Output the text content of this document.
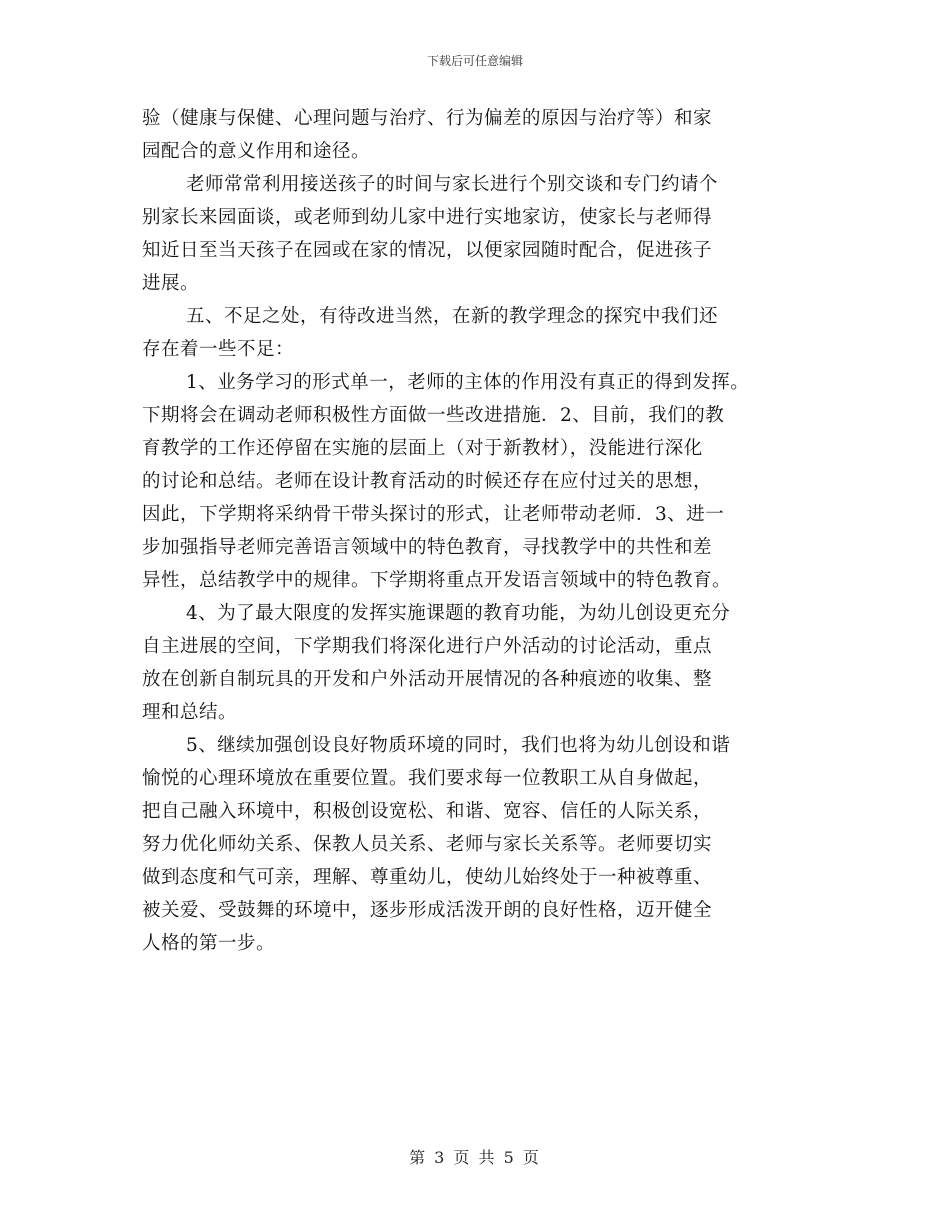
下载后可任意编辑
验（健康与保健、心理问题与治疗、行为偏差的原因与治疗等）和家
园配合的意义作用和途径。
老师常常利用接送孩子的时间与家长进行个别交谈和专门约请个
别家长来园面谈，或老师到幼儿家中进行实地家访，使家长与老师得
知近日至当天孩子在园或在家的情况，以便家园随时配合，促进孩子
进展。
五、不足之处，有待改进当然，在新的教学理念的探究中我们还
存在着一些不足：
1、业务学习的形式单一，老师的主体的作用没有真正的得到发挥。
下期将会在调动老师积极性方面做一些改进措施．2、目前，我们的教
育教学的工作还停留在实施的层面上（对于新教材），没能进行深化
的讨论和总结。老师在设计教育活动的时候还存在应付过关的思想，
因此，下学期将采纳骨干带头探讨的形式，让老师带动老师．3、进一
步加强指导老师完善语言领域中的特色教育，寻找教学中的共性和差
异性，总结教学中的规律。下学期将重点开发语言领域中的特色教育。
4、为了最大限度的发挥实施课题的教育功能，为幼儿创设更充分
自主进展的空间，下学期我们将深化进行户外活动的讨论活动，重点
放在创新自制玩具的开发和户外活动开展情况的各种痕迹的收集、整
理和总结。
5、继续加强创设良好物质环境的同时，我们也将为幼儿创设和谐
愉悦的心理环境放在重要位置。我们要求每一位教职工从自身做起，
把自己融入环境中，积极创设宽松、和谐、宽容、信任的人际关系，
努力优化师幼关系、保教人员关系、老师与家长关系等。老师要切实
做到态度和气可亲，理解、尊重幼儿，使幼儿始终处于一种被尊重、
被关爱、受鼓舞的环境中，逐步形成活泼开朗的良好性格，迈开健全
人格的第一步。
第 3 页 共 5 页
